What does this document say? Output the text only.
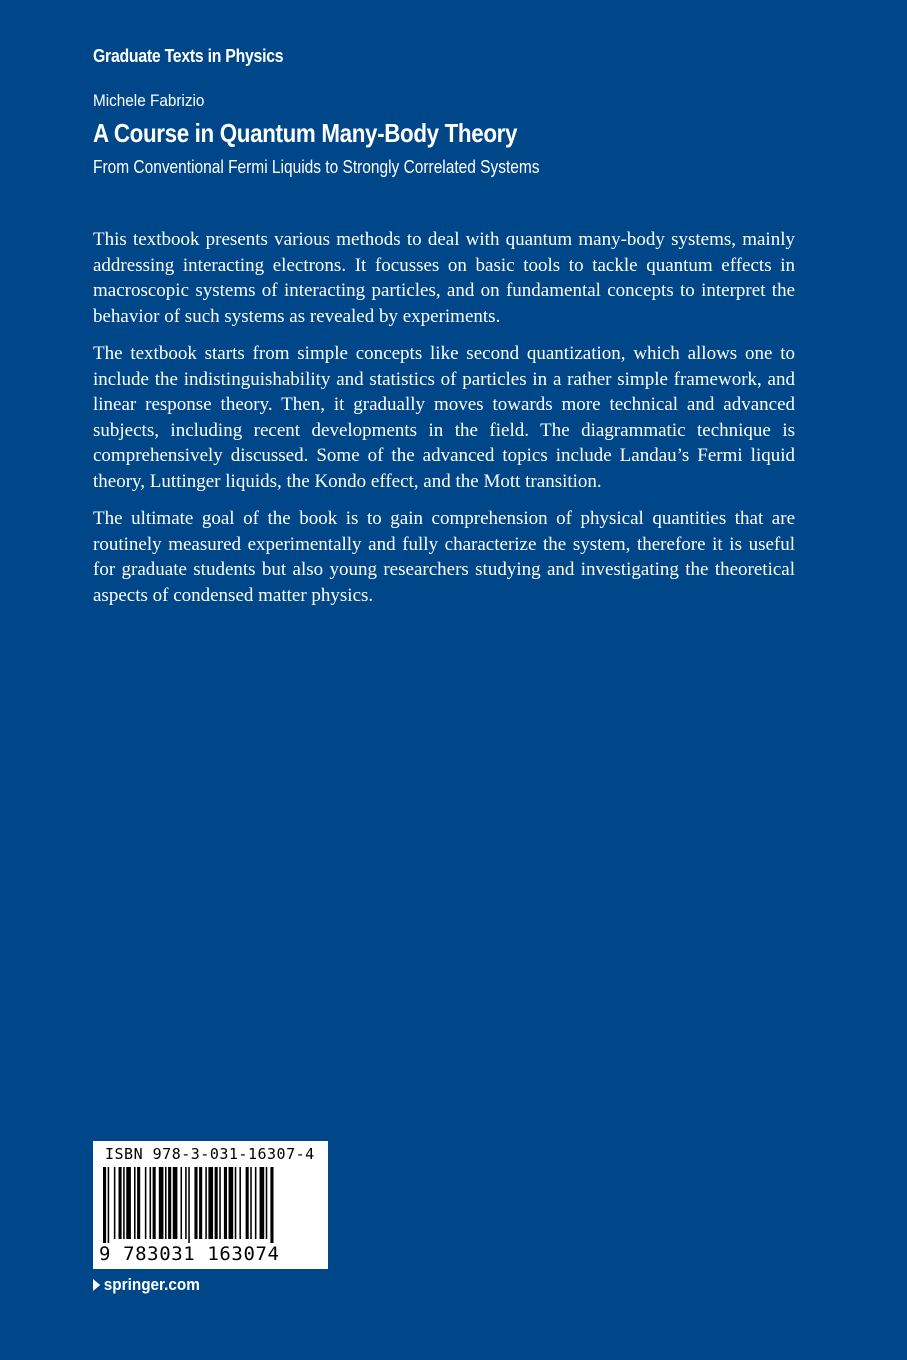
Graduate Texts in Physics
Michele Fabrizio
A Course in Quantum Many-Body Theory
From Conventional Fermi Liquids to Strongly Correlated Systems

This textbook presents various methods to deal with quantum many-body systems, mainly addressing interacting electrons. It focusses on basic tools to tackle quantum effects in macroscopic systems of interacting particles, and on fundamental concepts to interpret the behavior of such systems as revealed by experiments.

The textbook starts from simple concepts like second quantization, which allows one to include the indistinguishability and statistics of particles in a rather simple framework, and linear response theory. Then, it gradually moves towards more technical and advanced subjects, including recent developments in the field. The diagrammatic technique is comprehensively discussed. Some of the advanced topics include Landau’s Fermi liquid theory, Luttinger liquids, the Kondo effect, and the Mott transition.

The ultimate goal of the book is to gain comprehension of physical quantities that are routinely measured experimentally and fully characterize the system, therefore it is useful for graduate students but also young researchers studying and investigating the theoretical aspects of condensed matter physics.

ISBN 978-3-031-16307-4
9 783031 163074
springer.com
